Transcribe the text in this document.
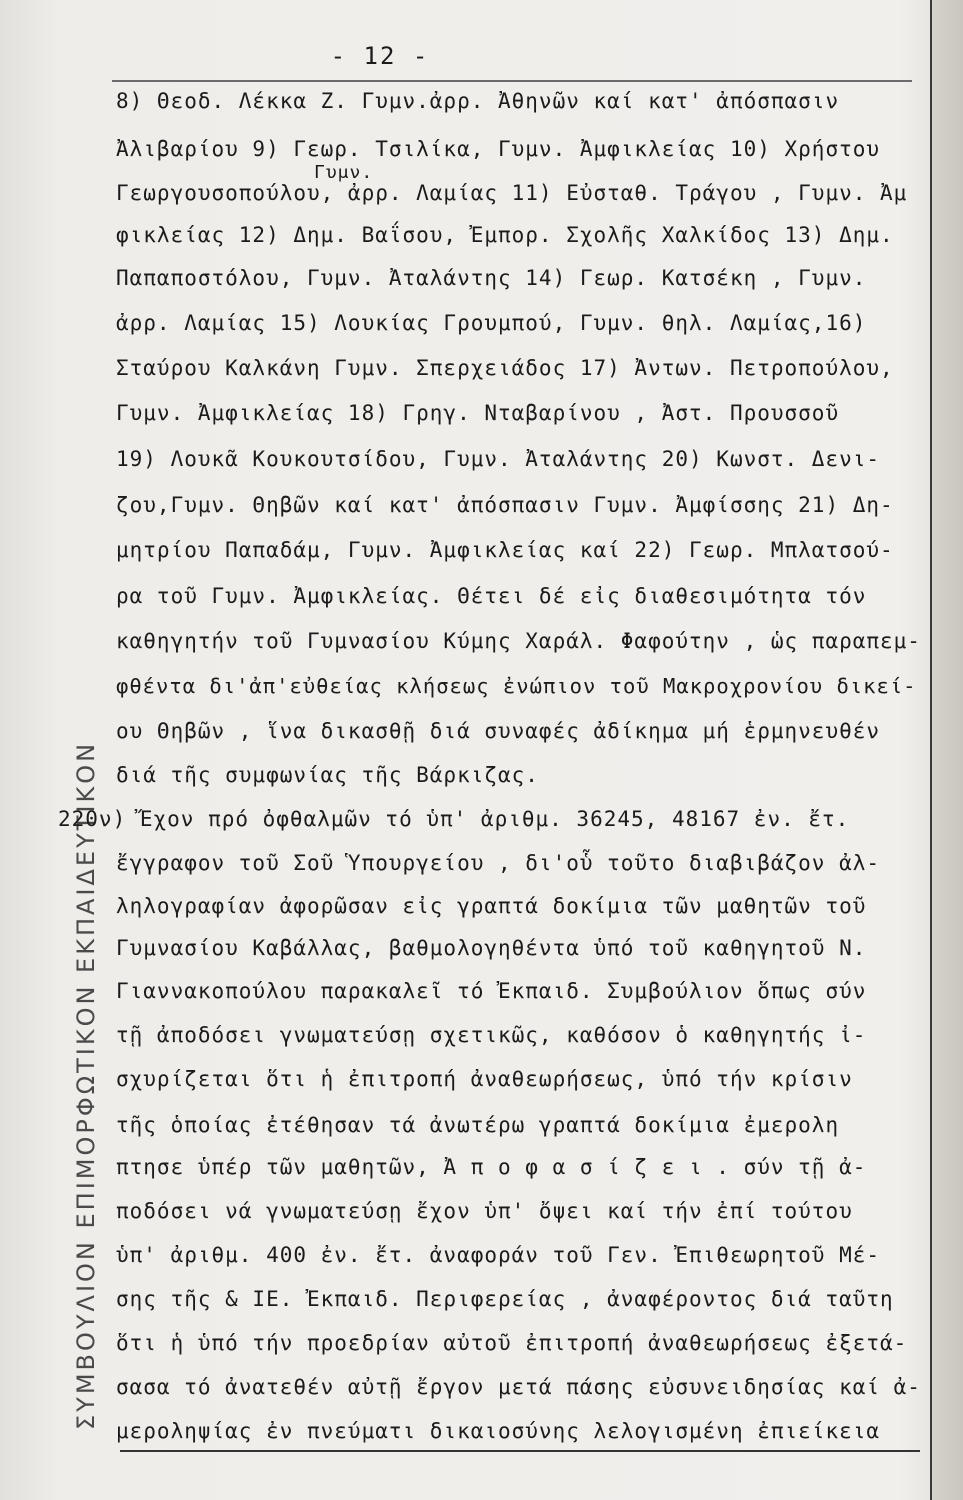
ΣΥΜΒΟΥΛΙΟΝ ΕΠΙΜΟΡΦΩΤΙΚΟΝ ΕΚΠΑΙΔΕΥΤΙΚΟΝ
- 12 -
8) Θεοδ. Λέκκα Ζ. Γυμν.ἀρρ. Ἀθηνῶν καί κατ' ἀπόσπασιν
Ἀλιβαρίου 9) Γεωρ. Τσιλίκα, Γυμν. Ἀμφικλείας 10) Χρήστου
Γυμν.
Γεωργουσοπούλου, ἀρρ. Λαμίας 11) Εὐσταθ. Τράγου , Γυμν. Ἀμ
φικλείας 12) Δημ. Βαΐσου, Ἐμπορ. Σχολῆς Χαλκίδος 13) Δημ.
Παπαποστόλου, Γυμν. Ἀταλάντης 14) Γεωρ. Κατσέκη , Γυμν.
ἀρρ. Λαμίας 15) Λουκίας Γρουμπού, Γυμν. θηλ. Λαμίας,16)
Σταύρου Καλκάνη Γυμν. Σπερχειάδος 17) Ἀντων. Πετροπούλου,
Γυμν. Ἀμφικλείας 18) Γρηγ. Νταβαρίνου , Ἀστ. Προυσσοῦ
19) Λουκᾶ Κουκουτσίδου, Γυμν. Ἀταλάντης 20) Κωνστ. Δενι-
ζου,Γυμν. Θηβῶν καί κατ' ἀπόσπασιν Γυμν. Ἀμφίσσης 21) Δη-
μητρίου Παπαδάμ, Γυμν. Ἀμφικλείας καί 22) Γεωρ. Μπλατσού-
ρα τοῦ Γυμν. Ἀμφικλείας. Θέτει δέ εἰς διαθεσιμότητα τόν
καθηγητήν τοῦ Γυμνασίου Κύμης Χαράλ. Φαφούτην , ὡς παραπεμ-
φθέντα δι'ἀπ'εὐθείας κλήσεως ἐνώπιον τοῦ Μακροχρονίου δικεί-
ου Θηβῶν , ἵνα δικασθῇ διά συναφές ἀδίκημα μή ἑρμηνευθέν
διά τῆς συμφωνίας τῆς Βάρκιζας.
220ν) Ἔχον πρό ὀφθαλμῶν τό ὑπ' ἀριθμ. 36245, 48167 ἐν. ἔτ.
ἔγγραφον τοῦ Σοῦ Ὑπουργείου , δι'οὗ τοῦτο διαβιβάζον ἀλ-
ληλογραφίαν ἀφορῶσαν εἰς γραπτά δοκίμια τῶν μαθητῶν τοῦ
Γυμνασίου Καβάλλας, βαθμολογηθέντα ὑπό τοῦ καθηγητοῦ Ν.
Γιαννακοπούλου παρακαλεῖ τό Ἐκπαιδ. Συμβούλιον ὅπως σύν
τῇ ἀποδόσει γνωματεύσῃ σχετικῶς, καθόσον ὁ καθηγητής ἰ-
σχυρίζεται ὅτι ἡ ἐπιτροπή ἀναθεωρήσεως, ὑπό τήν κρίσιν
τῆς ὁποίας ἐτέθησαν τά ἀνωτέρω γραπτά δοκίμια ἐμερολη
πτησε ὑπέρ τῶν μαθητῶν, Ἀ π ο φ α σ ί ζ ε ι . σύν τῇ ἀ-
ποδόσει νά γνωματεύσῃ ἔχον ὑπ' ὄψει καί τήν ἐπί τούτου
ὑπ' ἀριθμ. 400 ἐν. ἔτ. ἀναφοράν τοῦ Γεν. Ἐπιθεωρητοῦ Μέ-
σης τῆς & ΙΕ. Ἐκπαιδ. Περιφερείας , ἀναφέροντος διά ταῦτη
ὅτι ἡ ὑπό τήν προεδρίαν αὐτοῦ ἐπιτροπή ἀναθεωρήσεως ἐξετά-
σασα τό ἀνατεθέν αὐτῇ ἔργον μετά πάσης εὐσυνειδησίας καί ἀ-
μεροληψίας ἐν πνεύματι δικαιοσύνης λελογισμένη ἐπιείκεια
